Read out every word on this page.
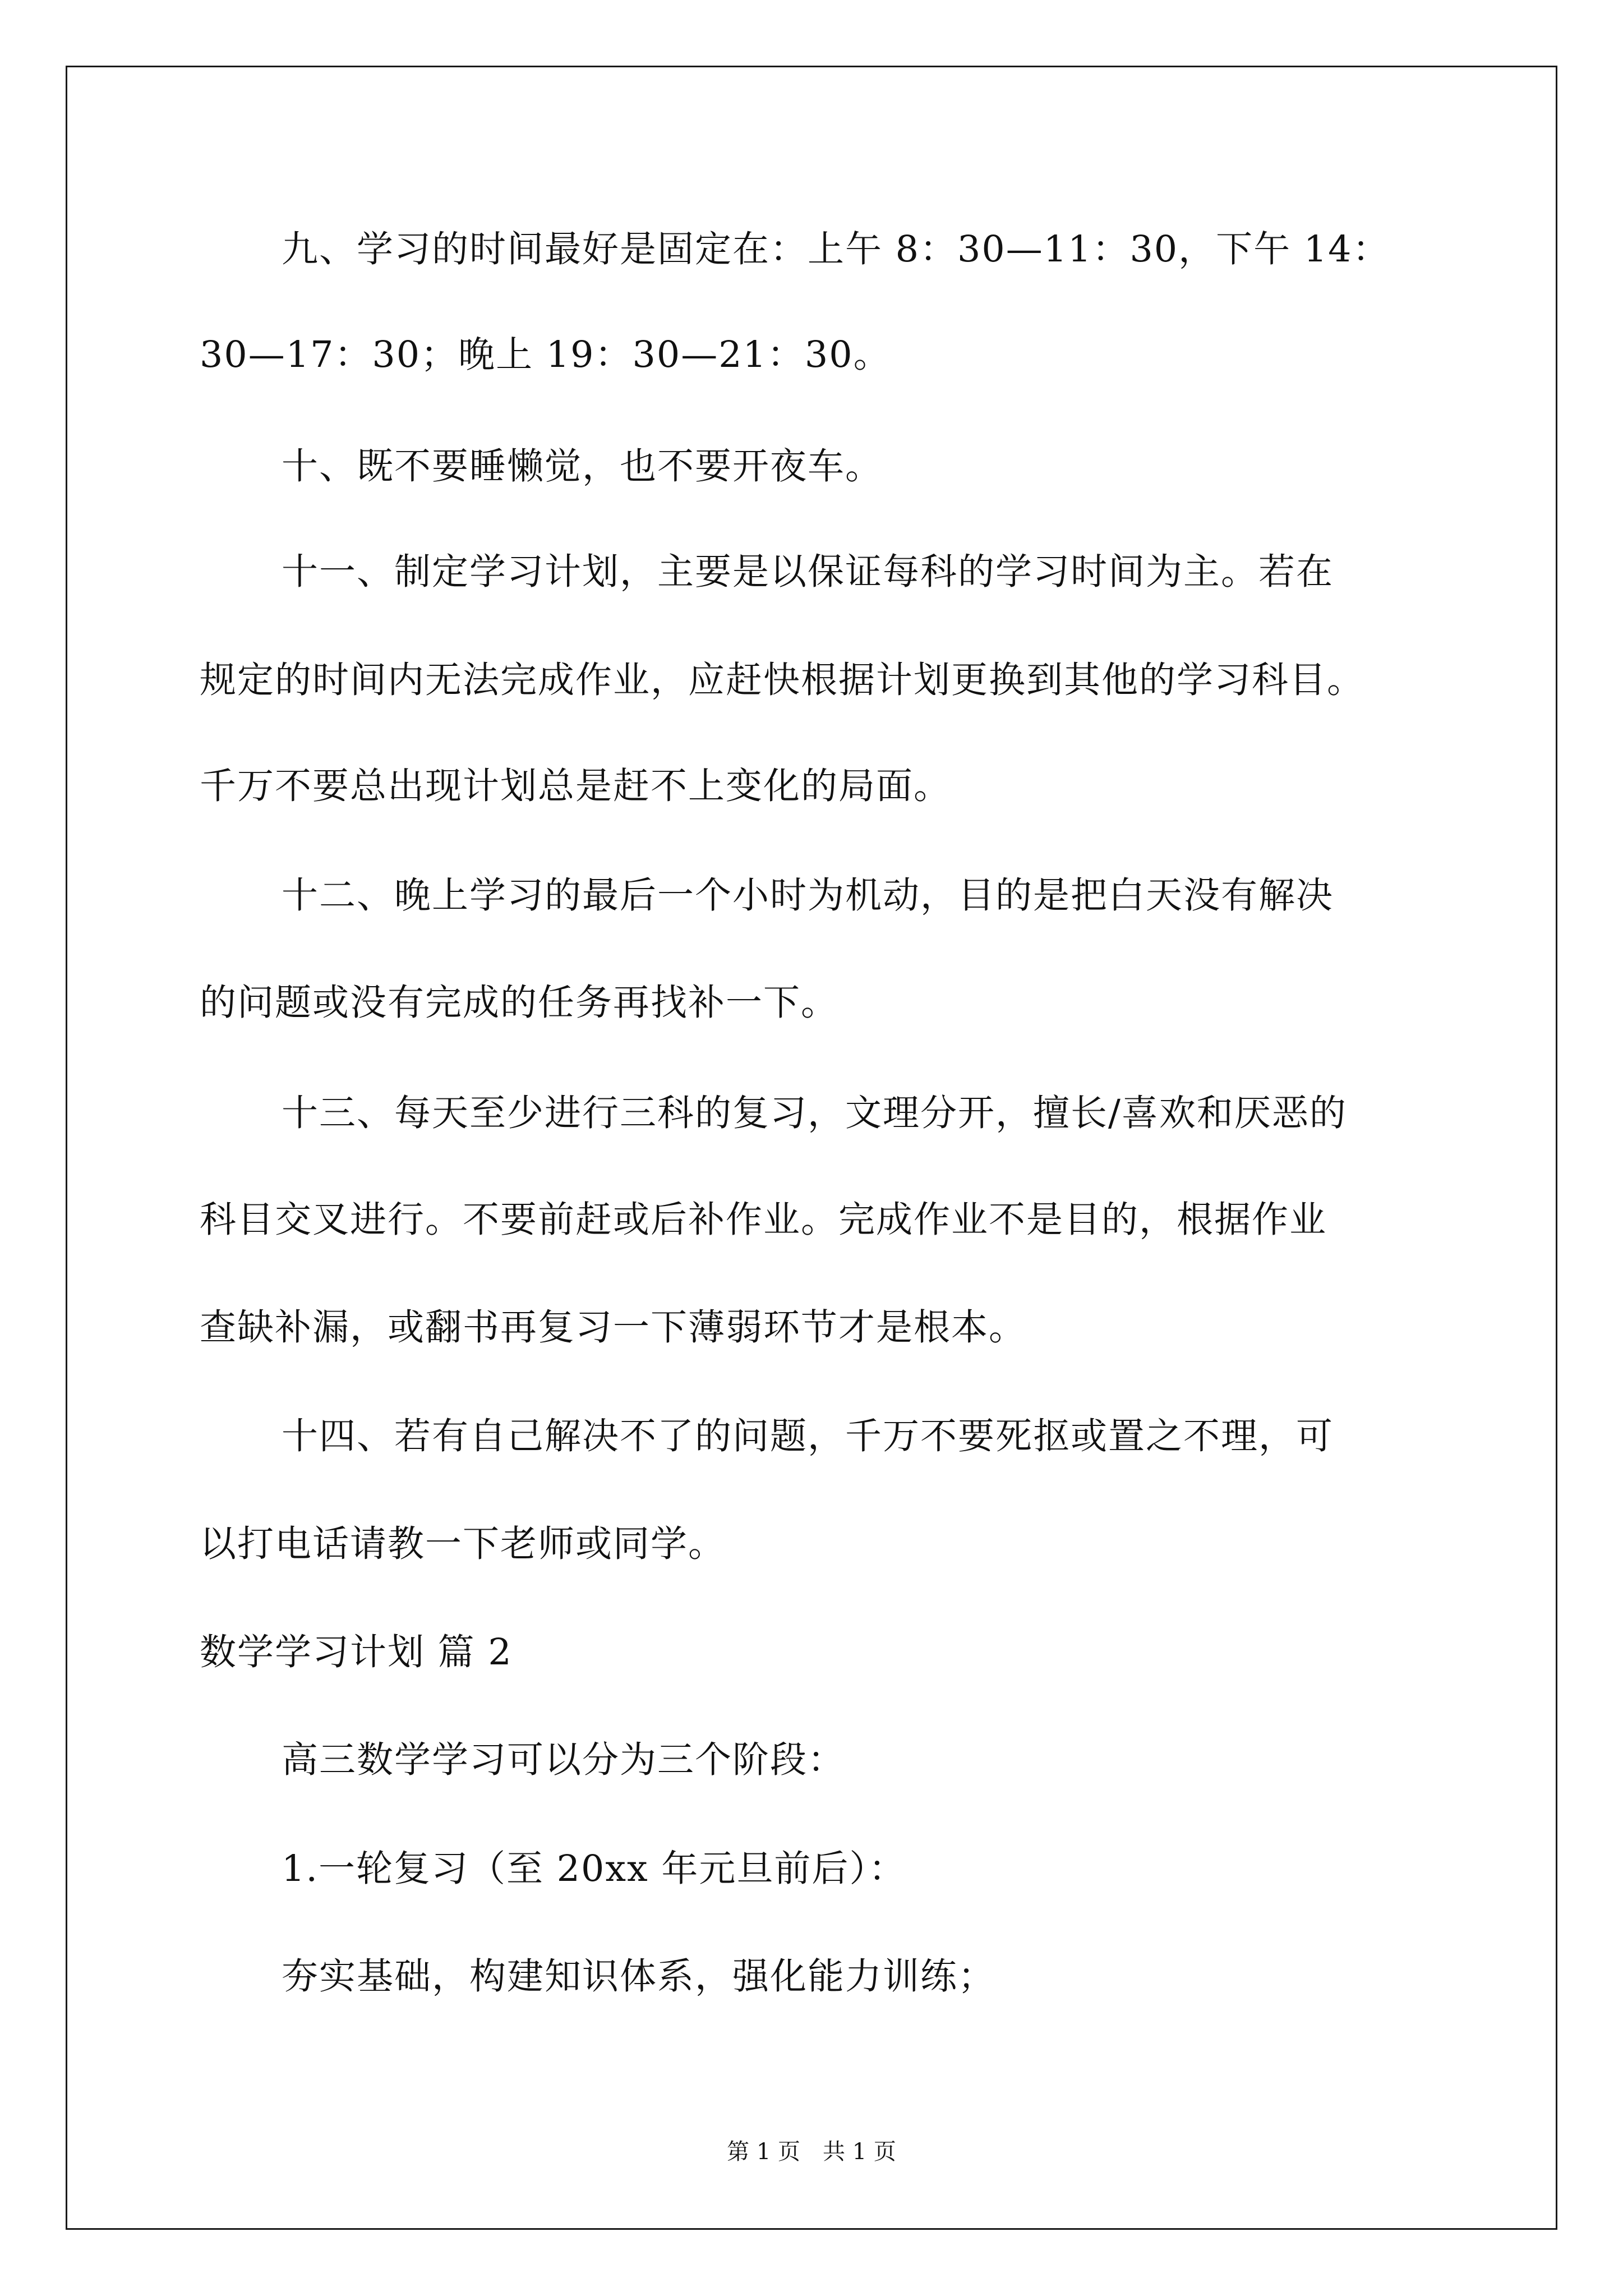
九、学习的时间最好是固定在：上午 8：30—11：30，下午 14：

30—17：30；晚上 19：30—21：30。

十、既不要睡懒觉，也不要开夜车。

十一、制定学习计划，主要是以保证每科的学习时间为主。若在

规定的时间内无法完成作业，应赶快根据计划更换到其他的学习科目。

千万不要总出现计划总是赶不上变化的局面。

十二、晚上学习的最后一个小时为机动，目的是把白天没有解决

的问题或没有完成的任务再找补一下。

十三、每天至少进行三科的复习，文理分开，擅长/喜欢和厌恶的

科目交叉进行。不要前赶或后补作业。完成作业不是目的，根据作业

查缺补漏，或翻书再复习一下薄弱环节才是根本。

十四、若有自己解决不了的问题，千万不要死抠或置之不理，可

以打电话请教一下老师或同学。

数学学习计划 篇 2

高三数学学习可以分为三个阶段：

1.一轮复习（至 20xx 年元旦前后）：

夯实基础，构建知识体系，强化能力训练；

第 1 页　共 1 页
